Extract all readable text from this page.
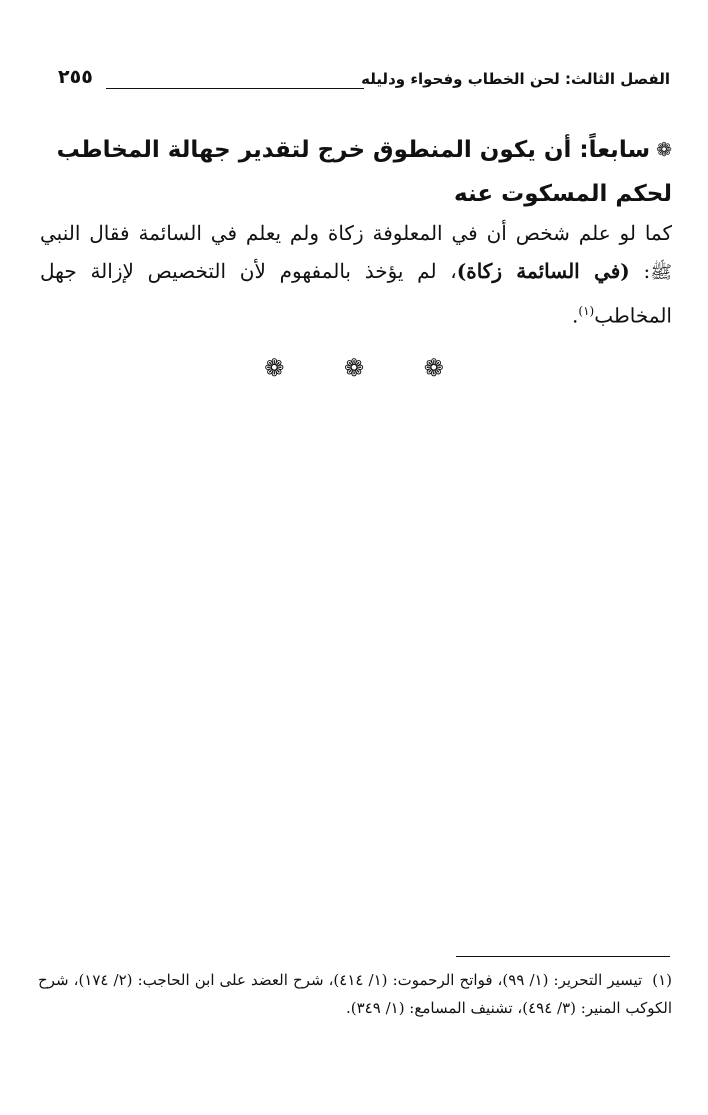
الفصل الثالث: لحن الخطاب وفحواء ودليله
٢٥٥
❁سابعاً: أن يكون المنطوق خرج لتقدير جهالة المخاطب لحكم المسكوت عنه
كما لو علم شخص أن في المعلوفة زكاة ولم يعلم في السائمة فقال النبي ﷺ: (في السائمة زكاة)، لم يؤخذ بالمفهوم لأن التخصيص لإزالة جهل المخاطب$^{(١)}$.
❁ ❁ ❁
(١)تيسير التحرير: (١/ ٩٩)، فواتح الرحموت: (١/ ٤١٤)، شرح العضد على ابن الحاجب: (٢/ ١٧٤)، شرح الكوكب المنير: (٣/ ٤٩٤)، تشنيف المسامع: (١/ ٣٤٩).
